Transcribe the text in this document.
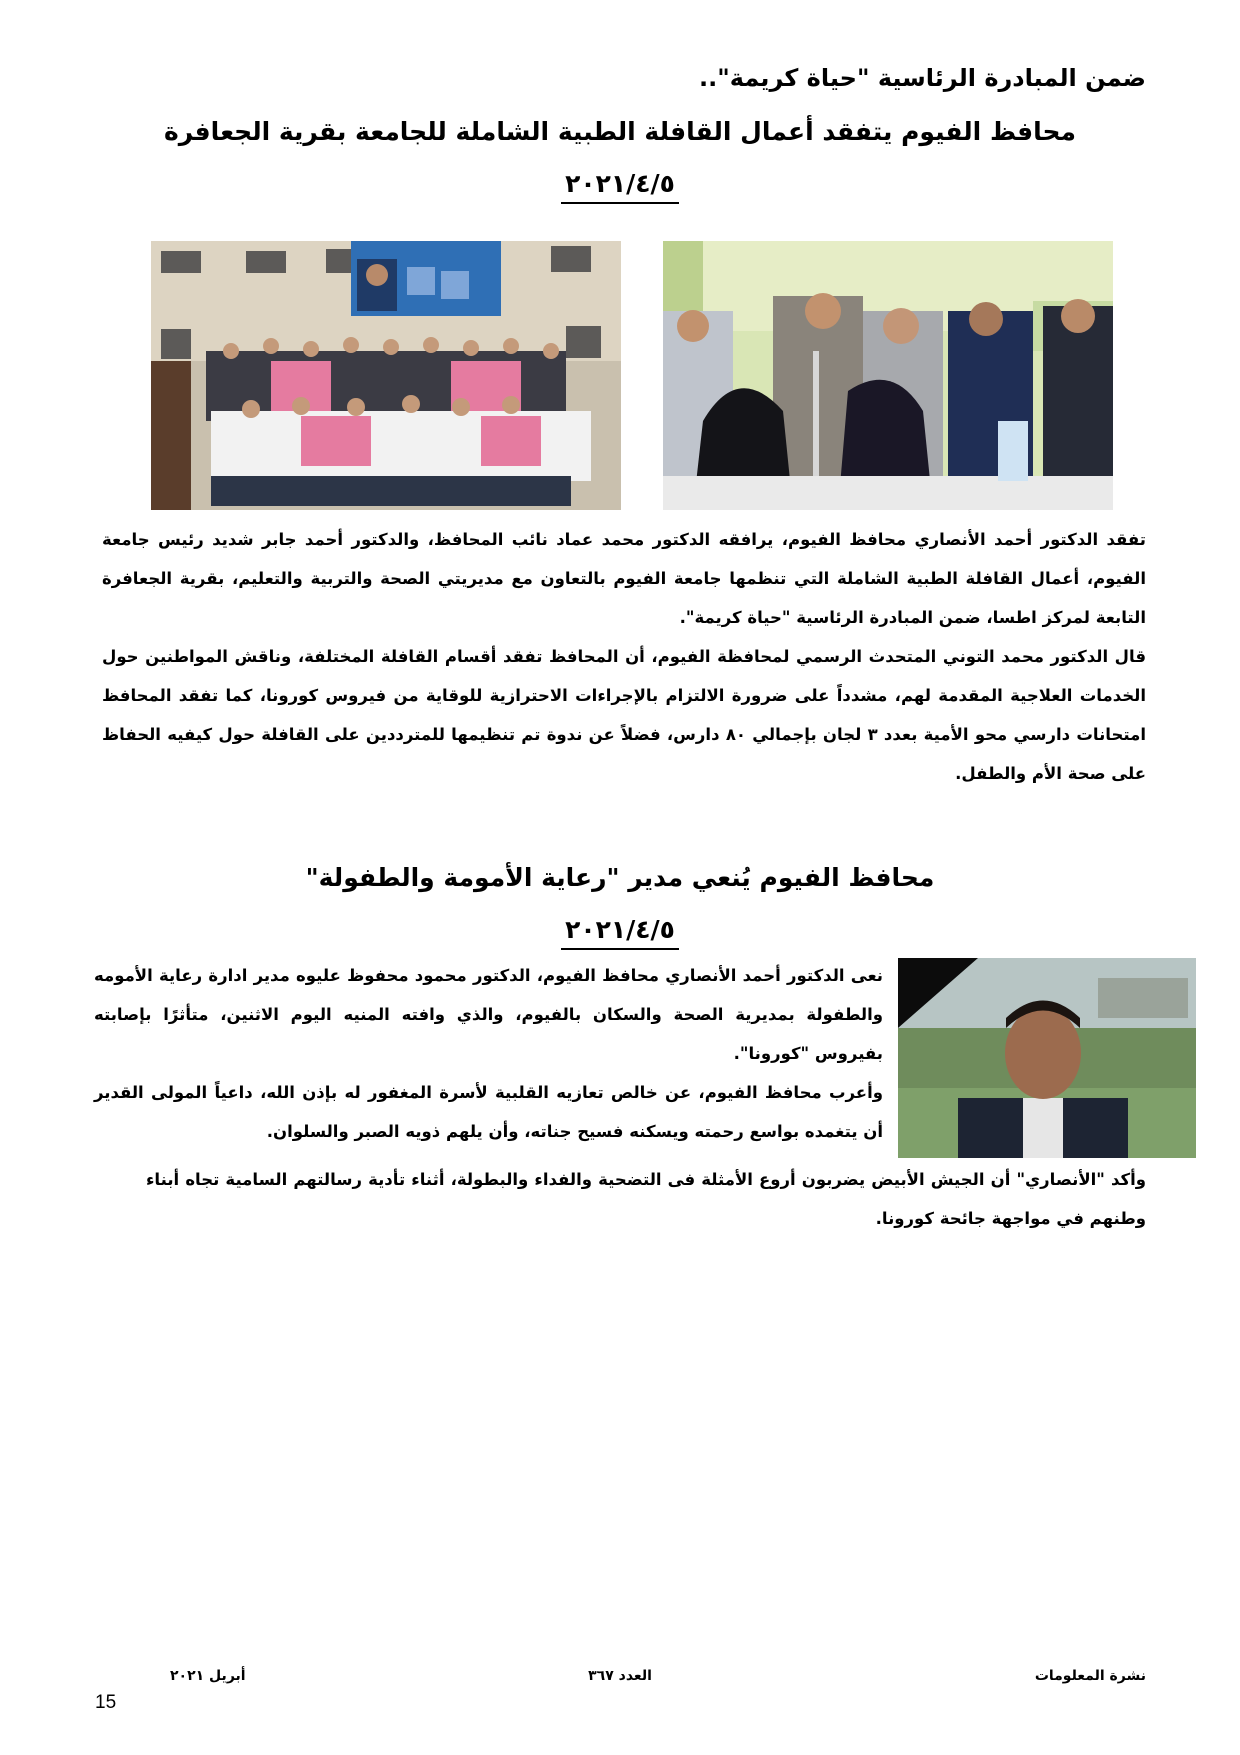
ضمن المبادرة الرئاسية "حياة كريمة"..
محافظ الفيوم يتفقد أعمال القافلة الطبية الشاملة للجامعة بقرية الجعافرة
٢٠٢١/٤/٥

تفقد الدكتور أحمد الأنصاري محافظ الفيوم، يرافقه الدكتور محمد عماد نائب المحافظ، والدكتور أحمد جابر شديد رئيس جامعة الفيوم، أعمال القافلة الطبية الشاملة التي تنظمها جامعة الفيوم بالتعاون مع مديريتي الصحة والتربية والتعليم، بقرية الجعافرة التابعة لمركز اطسا، ضمن المبادرة الرئاسية "حياة كريمة".

قال الدكتور محمد التوني المتحدث الرسمي لمحافظة الفيوم، أن المحافظ تفقد أقسام القافلة المختلفة، وناقش المواطنين حول الخدمات العلاجية المقدمة لهم، مشدداً على ضرورة الالتزام بالإجراءات الاحترازية للوقاية من فيروس كورونا، كما تفقد المحافظ امتحانات دارسي محو الأمية بعدد ٣ لجان بإجمالي ٨٠ دارس، فضلاً عن ندوة تم تنظيمها للمترددين على القافلة حول كيفيه الحفاظ على صحة الأم والطفل.

محافظ الفيوم يُنعي مدير "رعاية الأمومة والطفولة"
٢٠٢١/٤/٥

نعى الدكتور أحمد الأنصاري محافظ الفيوم، الدكتور محمود محفوظ عليوه مدير ادارة رعاية الأمومه والطفولة بمديرية الصحة والسكان بالفيوم، والذي وافته المنيه اليوم الاثنين، متأثرًا بإصابته بفيروس "كورونا".

وأعرب محافظ الفيوم، عن خالص تعازيه القلبية لأسرة المغفور له بإذن الله، داعياً المولى القدير أن يتغمده بواسع رحمته ويسكنه فسيح جناته، وأن يلهم ذويه الصبر والسلوان.

وأكد "الأنصاري" أن الجيش الأبيض يضربون أروع الأمثلة فى التضحية والفداء والبطولة، أثناء تأدية رسالتهم السامية تجاه أبناء وطنهم في مواجهة جائحة كورونا.

نشرة المعلومات
العدد ٣٦٧
أبريل ٢٠٢١
15
